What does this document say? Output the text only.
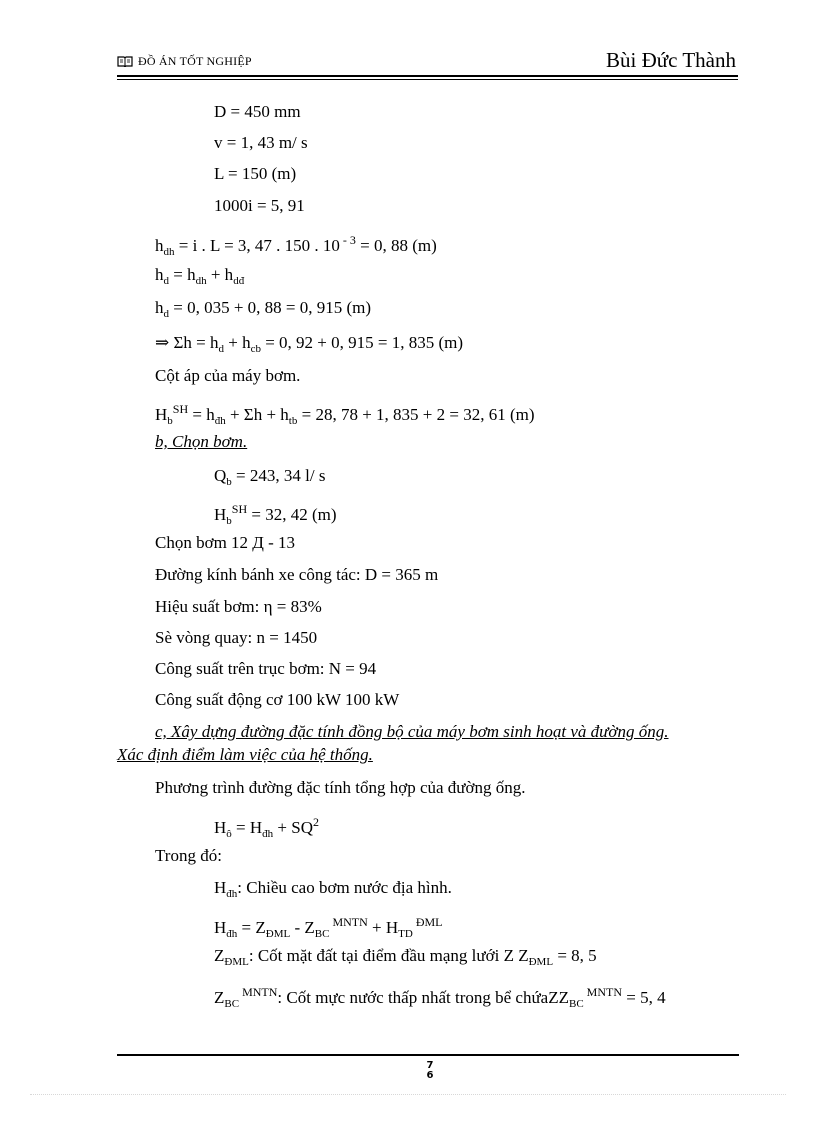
ĐỒ ÁN TỐT NGHIỆP	Bùi Đức Thành
D = 450 mm
v = 1, 43 m/ s
L = 150 (m)
1000i = 5, 91
$h_{dh} = i$ . L = 3, 47 . 150 . 10 $^{- 3}$ = 0, 88 (m)
$h_d = h_{dh} + h_{dđ}$
$h_d = 0$, 035 + 0, 88 = 0, 915 (m)
⇒ $\Sigma h = h_d + h_{cb} = 0$, 92 + 0, 915 = 1, 835 (m)
Cột áp của máy bơm.
$H_b^{SH} = h_{đh} + \Sigma h + h_{tb} = 28$, 78 + 1, 835 + 2 = 32, 61 (m)
b, Chọn bơm.
$Q_b = 243$, 34 l/ s
$H_b^{SH} = 32$, 42 (m)
Chọn bơm 12 Д - 13
Đường kính bánh xe công tác: D = 365 m
Hiệu suất bơm: η = 83%
Sè vòng quay: n = 1450
Công suất trên trục bơm: N = 94
Công suất động cơ 100 kW 100 kW
c, Xây dựng đường đặc tính đồng bộ của máy bơm sinh hoạt và đường ống.
Xác định điểm làm việc của hệ thống.
Phương trình đường đặc tính tổng hợp của đường ống.
$H_ô = H_{đh} + SQ^2$
Trong đó:
$H_{đh}$: Chiều cao bơm nước địa hình.
$H_{đh} = Z_{ĐML} - Z_{BC}$ $^{MNTN} + H_{TD}$ $^{ĐML}$
$Z_{ĐML}$: Cốt mặt đất tại điểm đầu mạng lưới Z $Z_{ĐML} = 8$, 5
$Z_{BC}$ $^{MNTN}$: Cốt mực nước thấp nhất trong bể chứaZZ$_{BC}$ $^{MNTN}$ = 5, 4
7
6
